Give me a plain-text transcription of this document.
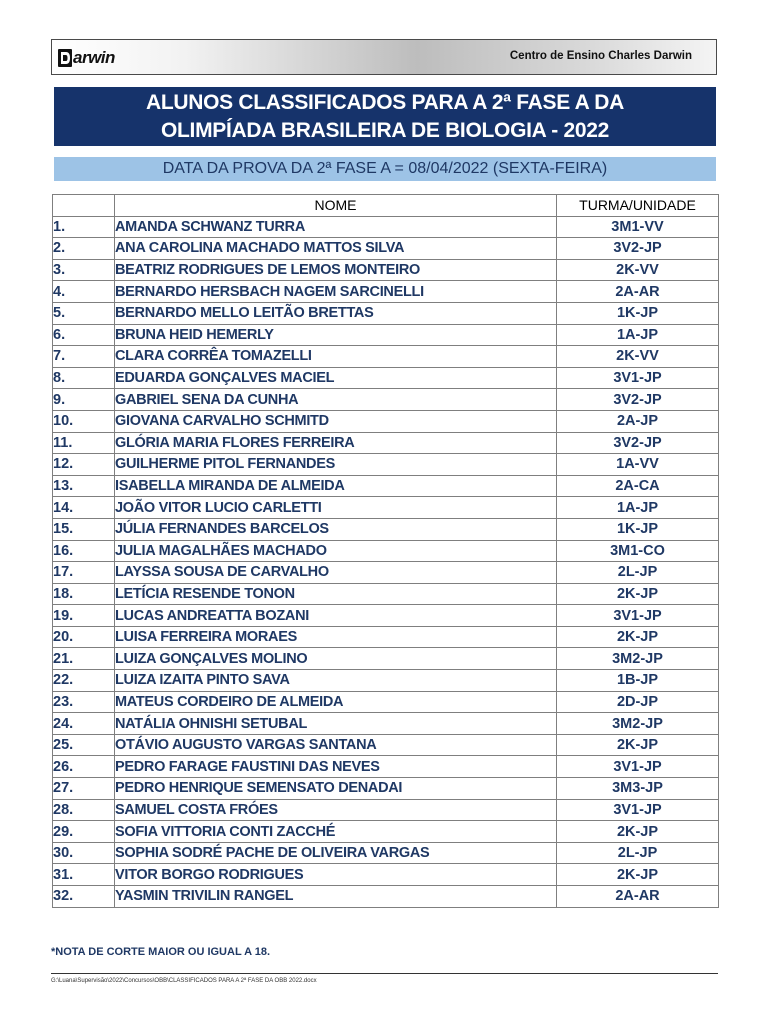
arwin	Centro de Ensino Charles Darwin
ALUNOS CLASSIFICADOS PARA A 2ª FASE A DA
OLIMPÍADA BRASILEIRA DE BIOLOGIA - 2022
DATA DA PROVA DA 2ª FASE A = 08/04/2022 (SEXTA-FEIRA)
	NOME	TURMA/UNIDADE
1.	AMANDA SCHWANZ TURRA	3M1-VV
2.	ANA CAROLINA MACHADO MATTOS SILVA	3V2-JP
3.	BEATRIZ RODRIGUES DE LEMOS MONTEIRO	2K-VV
4.	BERNARDO HERSBACH NAGEM SARCINELLI	2A-AR
5.	BERNARDO MELLO LEITÃO BRETTAS	1K-JP
6.	BRUNA HEID HEMERLY	1A-JP
7.	CLARA CORRÊA TOMAZELLI	2K-VV
8.	EDUARDA GONÇALVES MACIEL	3V1-JP
9.	GABRIEL SENA DA CUNHA	3V2-JP
10.	GIOVANA CARVALHO SCHMITD	2A-JP
11.	GLÓRIA MARIA FLORES FERREIRA	3V2-JP
12.	GUILHERME PITOL FERNANDES	1A-VV
13.	ISABELLA MIRANDA DE ALMEIDA	2A-CA
14.	JOÃO VITOR LUCIO CARLETTI	1A-JP
15.	JÚLIA FERNANDES BARCELOS	1K-JP
16.	JULIA MAGALHÃES MACHADO	3M1-CO
17.	LAYSSA SOUSA DE CARVALHO	2L-JP
18.	LETÍCIA RESENDE TONON	2K-JP
19.	LUCAS ANDREATTA BOZANI	3V1-JP
20.	LUISA FERREIRA MORAES	2K-JP
21.	LUIZA GONÇALVES MOLINO	3M2-JP
22.	LUIZA IZAITA PINTO SAVA	1B-JP
23.	MATEUS CORDEIRO DE ALMEIDA	2D-JP
24.	NATÁLIA OHNISHI SETUBAL	3M2-JP
25.	OTÁVIO AUGUSTO VARGAS SANTANA	2K-JP
26.	PEDRO FARAGE FAUSTINI DAS NEVES	3V1-JP
27.	PEDRO HENRIQUE SEMENSATO DENADAI	3M3-JP
28.	SAMUEL COSTA FRÓES	3V1-JP
29.	SOFIA VITTORIA CONTI ZACCHÉ	2K-JP
30.	SOPHIA SODRÉ PACHE DE OLIVEIRA VARGAS	2L-JP
31.	VITOR BORGO RODRIGUES	2K-JP
32.	YASMIN TRIVILIN RANGEL	2A-AR
*NOTA DE CORTE MAIOR OU IGUAL A 18.
G:\Luana\Supervisão\2022\Concursos\OBB\CLASSIFICADOS PARA A 2ª FASE DA OBB 2022.docx
